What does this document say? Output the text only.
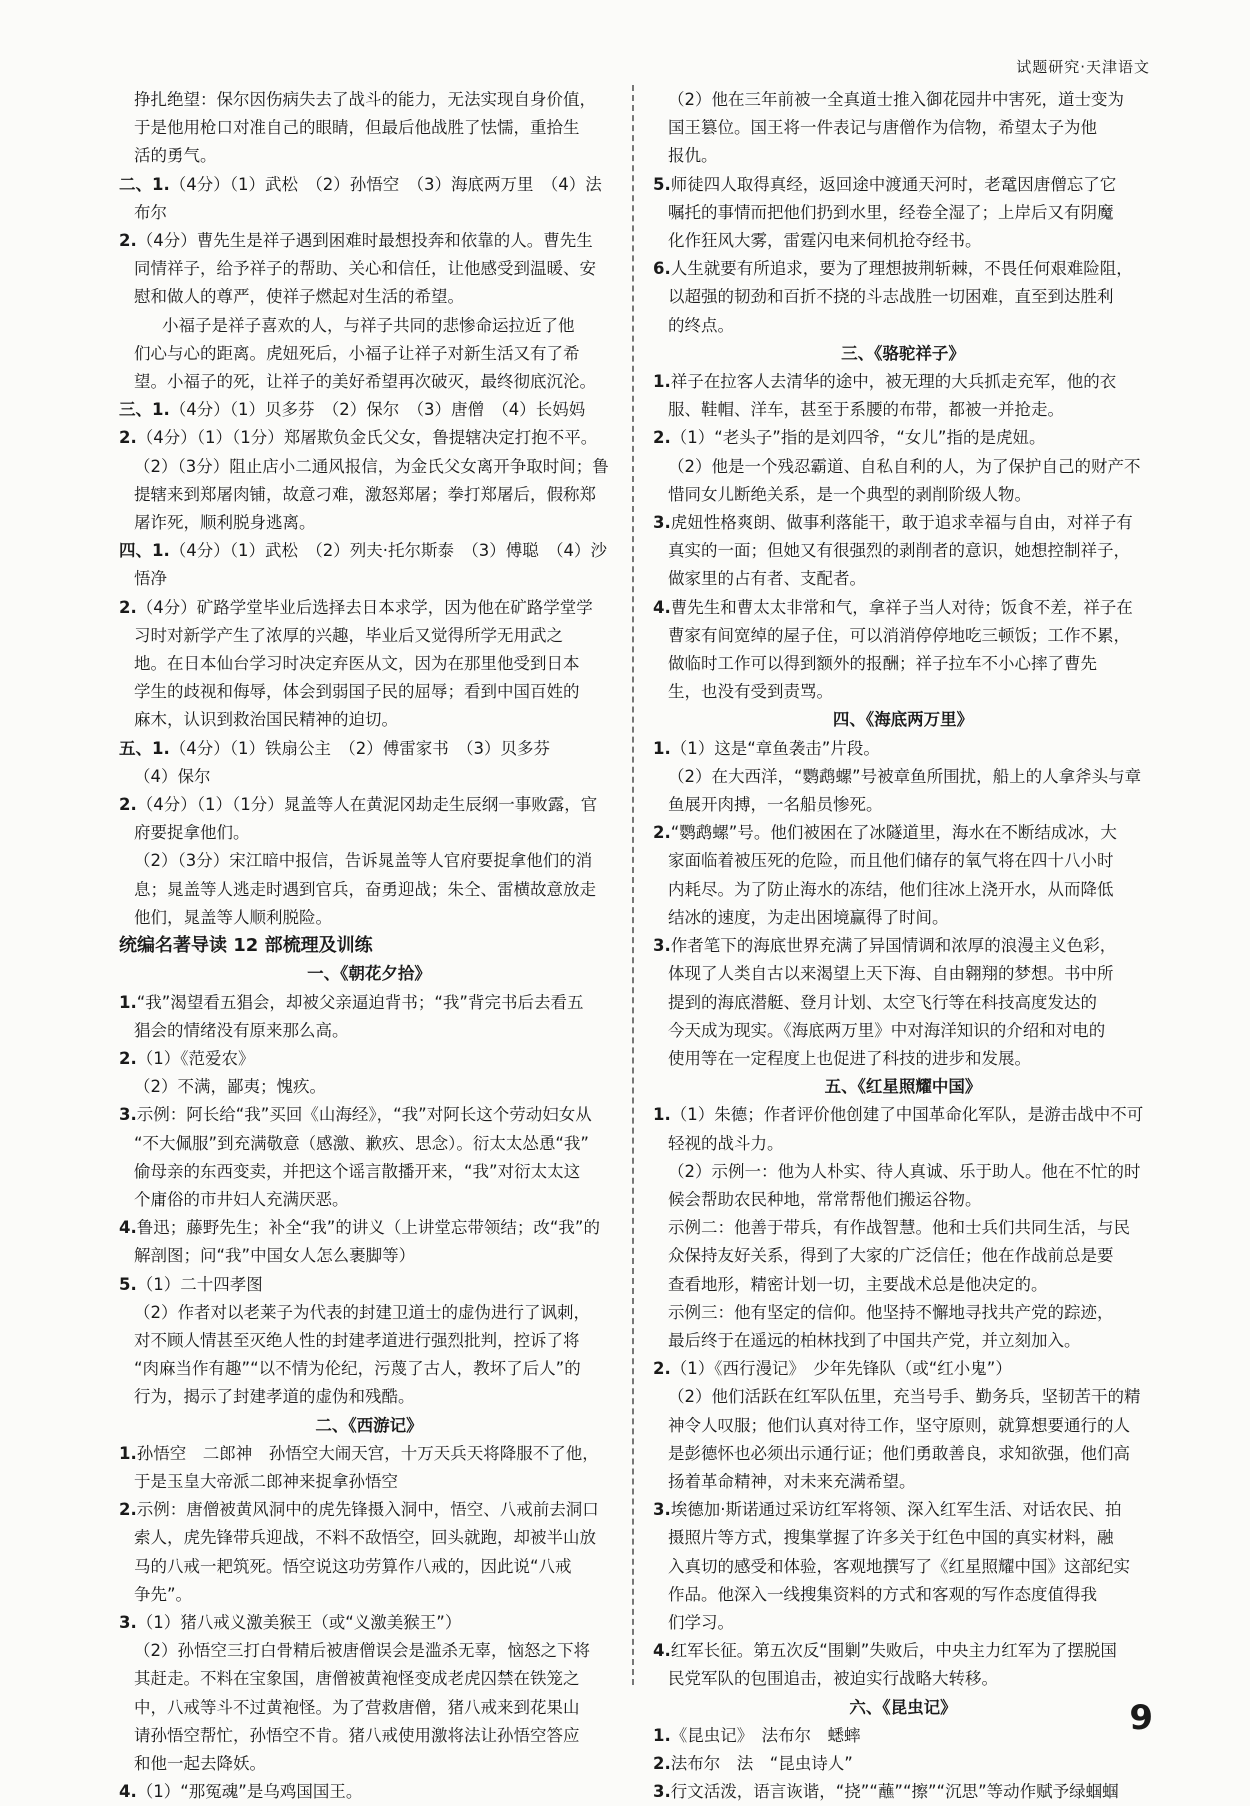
试题研究·天津语文

挣扎绝望：保尔因伤病失去了战斗的能力，无法实现自身价值，

于是他用枪口对准自己的眼睛，但最后他战胜了怯懦，重拾生

活的勇气。

二、1.（4分）（1）武松　（2）孙悟空　（3）海底两万里　（4）法

布尔

2.（4分）曹先生是祥子遇到困难时最想投奔和依靠的人。曹先生

同情祥子，给予祥子的帮助、关心和信任，让他感受到温暖、安

慰和做人的尊严，使祥子燃起对生活的希望。

小福子是祥子喜欢的人，与祥子共同的悲惨命运拉近了他

们心与心的距离。虎妞死后，小福子让祥子对新生活又有了希

望。小福子的死，让祥子的美好希望再次破灭，最终彻底沉沦。

三、1.（4分）（1）贝多芬　（2）保尔　（3）唐僧　（4）长妈妈

2.（4分）（1）（1分）郑屠欺负金氏父女，鲁提辖决定打抱不平。

（2）（3分）阻止店小二通风报信，为金氏父女离开争取时间；鲁

提辖来到郑屠肉铺，故意刁难，激怒郑屠；拳打郑屠后，假称郑

屠诈死，顺利脱身逃离。

四、1.（4分）（1）武松　（2）列夫·托尔斯泰　（3）傅聪　（4）沙

悟净

2.（4分）矿路学堂毕业后选择去日本求学，因为他在矿路学堂学

习时对新学产生了浓厚的兴趣，毕业后又觉得所学无用武之

地。在日本仙台学习时决定弃医从文，因为在那里他受到日本

学生的歧视和侮辱，体会到弱国子民的屈辱；看到中国百姓的

麻木，认识到救治国民精神的迫切。

五、1.（4分）（1）铁扇公主　（2）傅雷家书　（3）贝多芬

（4）保尔

2.（4分）（1）（1分）晁盖等人在黄泥冈劫走生辰纲一事败露，官

府要捉拿他们。

（2）（3分）宋江暗中报信，告诉晁盖等人官府要捉拿他们的消

息；晁盖等人逃走时遇到官兵，奋勇迎战；朱仝、雷横故意放走

他们，晁盖等人顺利脱险。

统编名著导读 12 部梳理及训练

一、《朝花夕拾》

1.“我”渴望看五猖会，却被父亲逼迫背书；“我”背完书后去看五

猖会的情绪没有原来那么高。

2.（1）《范爱农》

（2）不满，鄙夷；愧疚。

3.示例：阿长给“我”买回《山海经》，“我”对阿长这个劳动妇女从

“不大佩服”到充满敬意（感激、歉疚、思念）。衍太太怂恿“我”

偷母亲的东西变卖，并把这个谣言散播开来，“我”对衍太太这

个庸俗的市井妇人充满厌恶。

4.鲁迅；藤野先生；补全“我”的讲义（上讲堂忘带领结；改“我”的

解剖图；问“我”中国女人怎么裹脚等）

5.（1）二十四孝图

（2）作者对以老莱子为代表的封建卫道士的虚伪进行了讽刺，

对不顾人情甚至灭绝人性的封建孝道进行强烈批判，控诉了将

“肉麻当作有趣”“以不情为伦纪，污蔑了古人，教坏了后人”的

行为，揭示了封建孝道的虚伪和残酷。

二、《西游记》

1.孙悟空　二郎神　孙悟空大闹天宫，十万天兵天将降服不了他，

于是玉皇大帝派二郎神来捉拿孙悟空

2.示例：唐僧被黄风洞中的虎先锋摄入洞中，悟空、八戒前去洞口

索人，虎先锋带兵迎战，不料不敌悟空，回头就跑，却被半山放

马的八戒一耙筑死。悟空说这功劳算作八戒的，因此说“八戒

争先”。

3.（1）猪八戒义激美猴王（或“义激美猴王”）

（2）孙悟空三打白骨精后被唐僧误会是滥杀无辜，恼怒之下将

其赶走。不料在宝象国，唐僧被黄袍怪变成老虎囚禁在铁笼之

中，八戒等斗不过黄袍怪。为了营救唐僧，猪八戒来到花果山

请孙悟空帮忙，孙悟空不肯。猪八戒使用激将法让孙悟空答应

和他一起去降妖。

4.（1）“那冤魂”是乌鸡国国王。

（2）他在三年前被一全真道士推入御花园井中害死，道士变为

国王篡位。国王将一件表记与唐僧作为信物，希望太子为他

报仇。

5.师徒四人取得真经，返回途中渡通天河时，老鼋因唐僧忘了它

嘱托的事情而把他们扔到水里，经卷全湿了；上岸后又有阴魔

化作狂风大雾，雷霆闪电来伺机抢夺经书。

6.人生就要有所追求，要为了理想披荆斩棘，不畏任何艰难险阻，

以超强的韧劲和百折不挠的斗志战胜一切困难，直至到达胜利

的终点。

三、《骆驼祥子》

1.祥子在拉客人去清华的途中，被无理的大兵抓走充军，他的衣

服、鞋帽、洋车，甚至于系腰的布带，都被一并抢走。

2.（1）“老头子”指的是刘四爷，“女儿”指的是虎妞。

（2）他是一个残忍霸道、自私自利的人，为了保护自己的财产不

惜同女儿断绝关系，是一个典型的剥削阶级人物。

3.虎妞性格爽朗、做事利落能干，敢于追求幸福与自由，对祥子有

真实的一面；但她又有很强烈的剥削者的意识，她想控制祥子，

做家里的占有者、支配者。

4.曹先生和曹太太非常和气，拿祥子当人对待；饭食不差，祥子在

曹家有间宽绰的屋子住，可以消消停停地吃三顿饭；工作不累，

做临时工作可以得到额外的报酬；祥子拉车不小心摔了曹先

生，也没有受到责骂。

四、《海底两万里》

1.（1）这是“章鱼袭击”片段。

（2）在大西洋，“鹦鹉螺”号被章鱼所围扰，船上的人拿斧头与章

鱼展开肉搏，一名船员惨死。

2.“鹦鹉螺”号。他们被困在了冰隧道里，海水在不断结成冰，大

家面临着被压死的危险，而且他们储存的氧气将在四十八小时

内耗尽。为了防止海水的冻结，他们往冰上浇开水，从而降低

结冰的速度，为走出困境赢得了时间。

3.作者笔下的海底世界充满了异国情调和浓厚的浪漫主义色彩，

体现了人类自古以来渴望上天下海、自由翱翔的梦想。书中所

提到的海底潜艇、登月计划、太空飞行等在科技高度发达的

今天成为现实。《海底两万里》中对海洋知识的介绍和对电的

使用等在一定程度上也促进了科技的进步和发展。

五、《红星照耀中国》

1.（1）朱德；作者评价他创建了中国革命化军队，是游击战中不可

轻视的战斗力。

（2）示例一：他为人朴实、待人真诚、乐于助人。他在不忙的时

候会帮助农民种地，常常帮他们搬运谷物。

示例二：他善于带兵，有作战智慧。他和士兵们共同生活，与民

众保持友好关系，得到了大家的广泛信任；他在作战前总是要

查看地形，精密计划一切，主要战术总是他决定的。

示例三：他有坚定的信仰。他坚持不懈地寻找共产党的踪迹，

最后终于在遥远的柏林找到了中国共产党，并立刻加入。

2.（1）《西行漫记》　少年先锋队（或“红小鬼”）

（2）他们活跃在红军队伍里，充当号手、勤务兵，坚韧苦干的精

神令人叹服；他们认真对待工作，坚守原则，就算想要通行的人

是彭德怀也必须出示通行证；他们勇敢善良，求知欲强，他们高

扬着革命精神，对未来充满希望。

3.埃德加·斯诺通过采访红军将领、深入红军生活、对话农民、拍

摄照片等方式，搜集掌握了许多关于红色中国的真实材料，融

入真切的感受和体验，客观地撰写了《红星照耀中国》这部纪实

作品。他深入一线搜集资料的方式和客观的写作态度值得我

们学习。

4.红军长征。第五次反“围剿”失败后，中央主力红军为了摆脱国

民党军队的包围追击，被迫实行战略大转移。

六、《昆虫记》

1.《昆虫记》　法布尔　蟋蟀

2.法布尔　法　“昆虫诗人”

3.行文活泼，语言诙谐，“挠”“蘸”“擦”“沉思”等动作赋予绿蝈蝈

9
